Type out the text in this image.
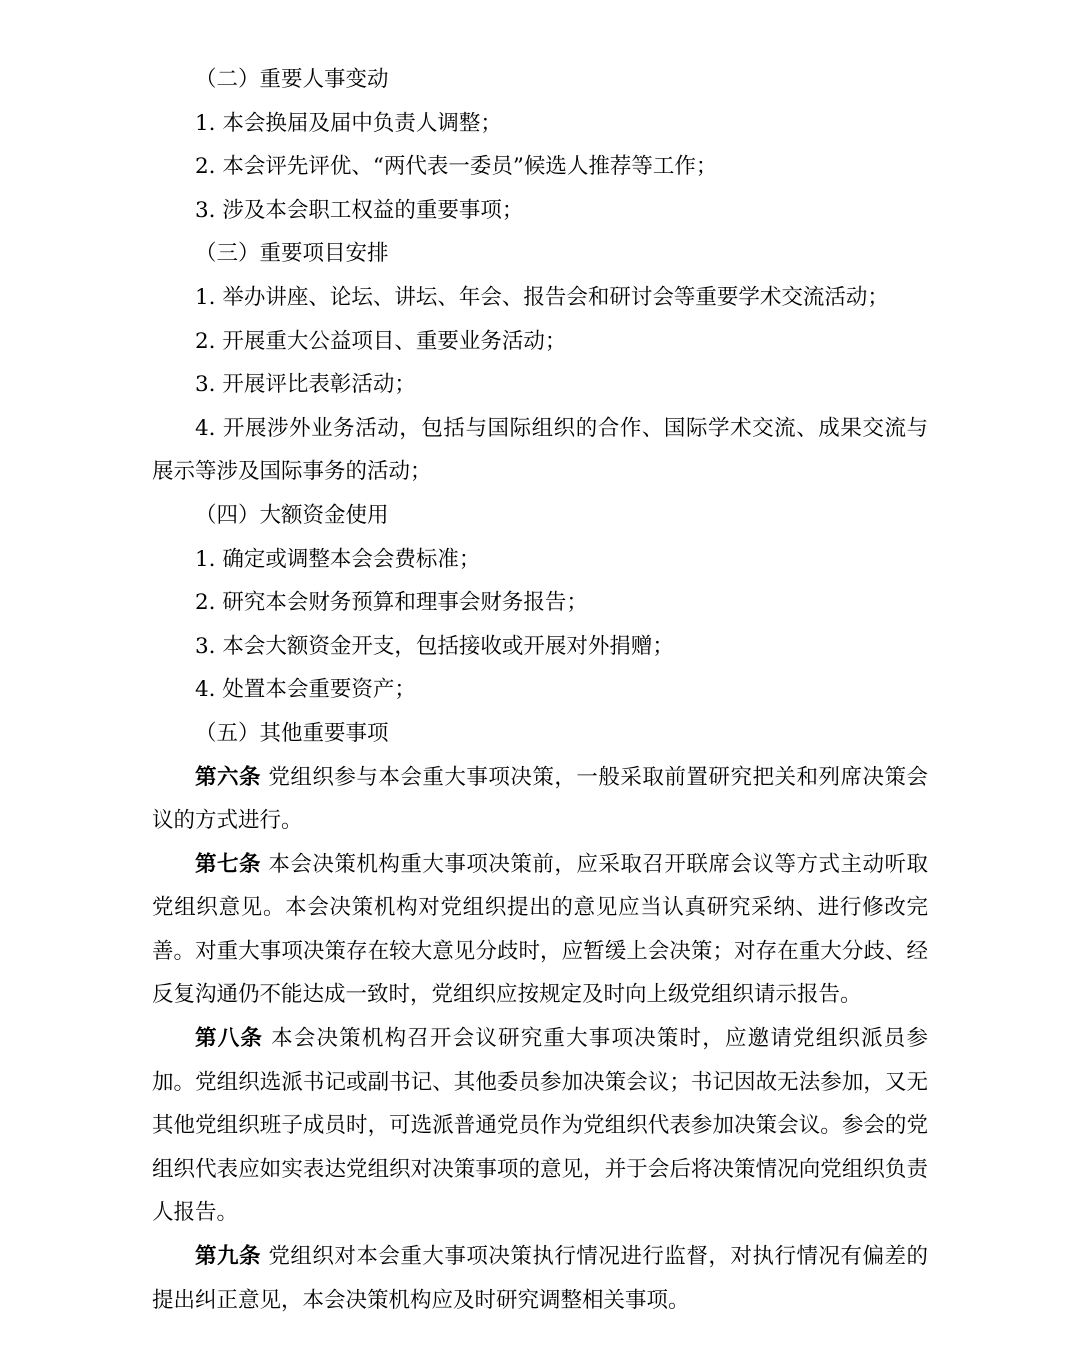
（二）重要人事变动

1. 本会换届及届中负责人调整；

2. 本会评先评优、“两代表一委员”候选人推荐等工作；

3. 涉及本会职工权益的重要事项；

（三）重要项目安排

1. 举办讲座、论坛、讲坛、年会、报告会和研讨会等重要学术交流活动；

2. 开展重大公益项目、重要业务活动；

3. 开展评比表彰活动；

4. 开展涉外业务活动，包括与国际组织的合作、国际学术交流、成果交流与展示等涉及国际事务的活动；

（四）大额资金使用

1. 确定或调整本会会费标准；

2. 研究本会财务预算和理事会财务报告；

3. 本会大额资金开支，包括接收或开展对外捐赠；

4. 处置本会重要资产；

（五）其他重要事项

第六条 党组织参与本会重大事项决策，一般采取前置研究把关和列席决策会议的方式进行。

第七条 本会决策机构重大事项决策前，应采取召开联席会议等方式主动听取党组织意见。本会决策机构对党组织提出的意见应当认真研究采纳、进行修改完善。对重大事项决策存在较大意见分歧时，应暂缓上会决策；对存在重大分歧、经反复沟通仍不能达成一致时，党组织应按规定及时向上级党组织请示报告。

第八条 本会决策机构召开会议研究重大事项决策时，应邀请党组织派员参加。党组织选派书记或副书记、其他委员参加决策会议；书记因故无法参加，又无其他党组织班子成员时，可选派普通党员作为党组织代表参加决策会议。参会的党组织代表应如实表达党组织对决策事项的意见，并于会后将决策情况向党组织负责人报告。

第九条 党组织对本会重大事项决策执行情况进行监督，对执行情况有偏差的提出纠正意见，本会决策机构应及时研究调整相关事项。
